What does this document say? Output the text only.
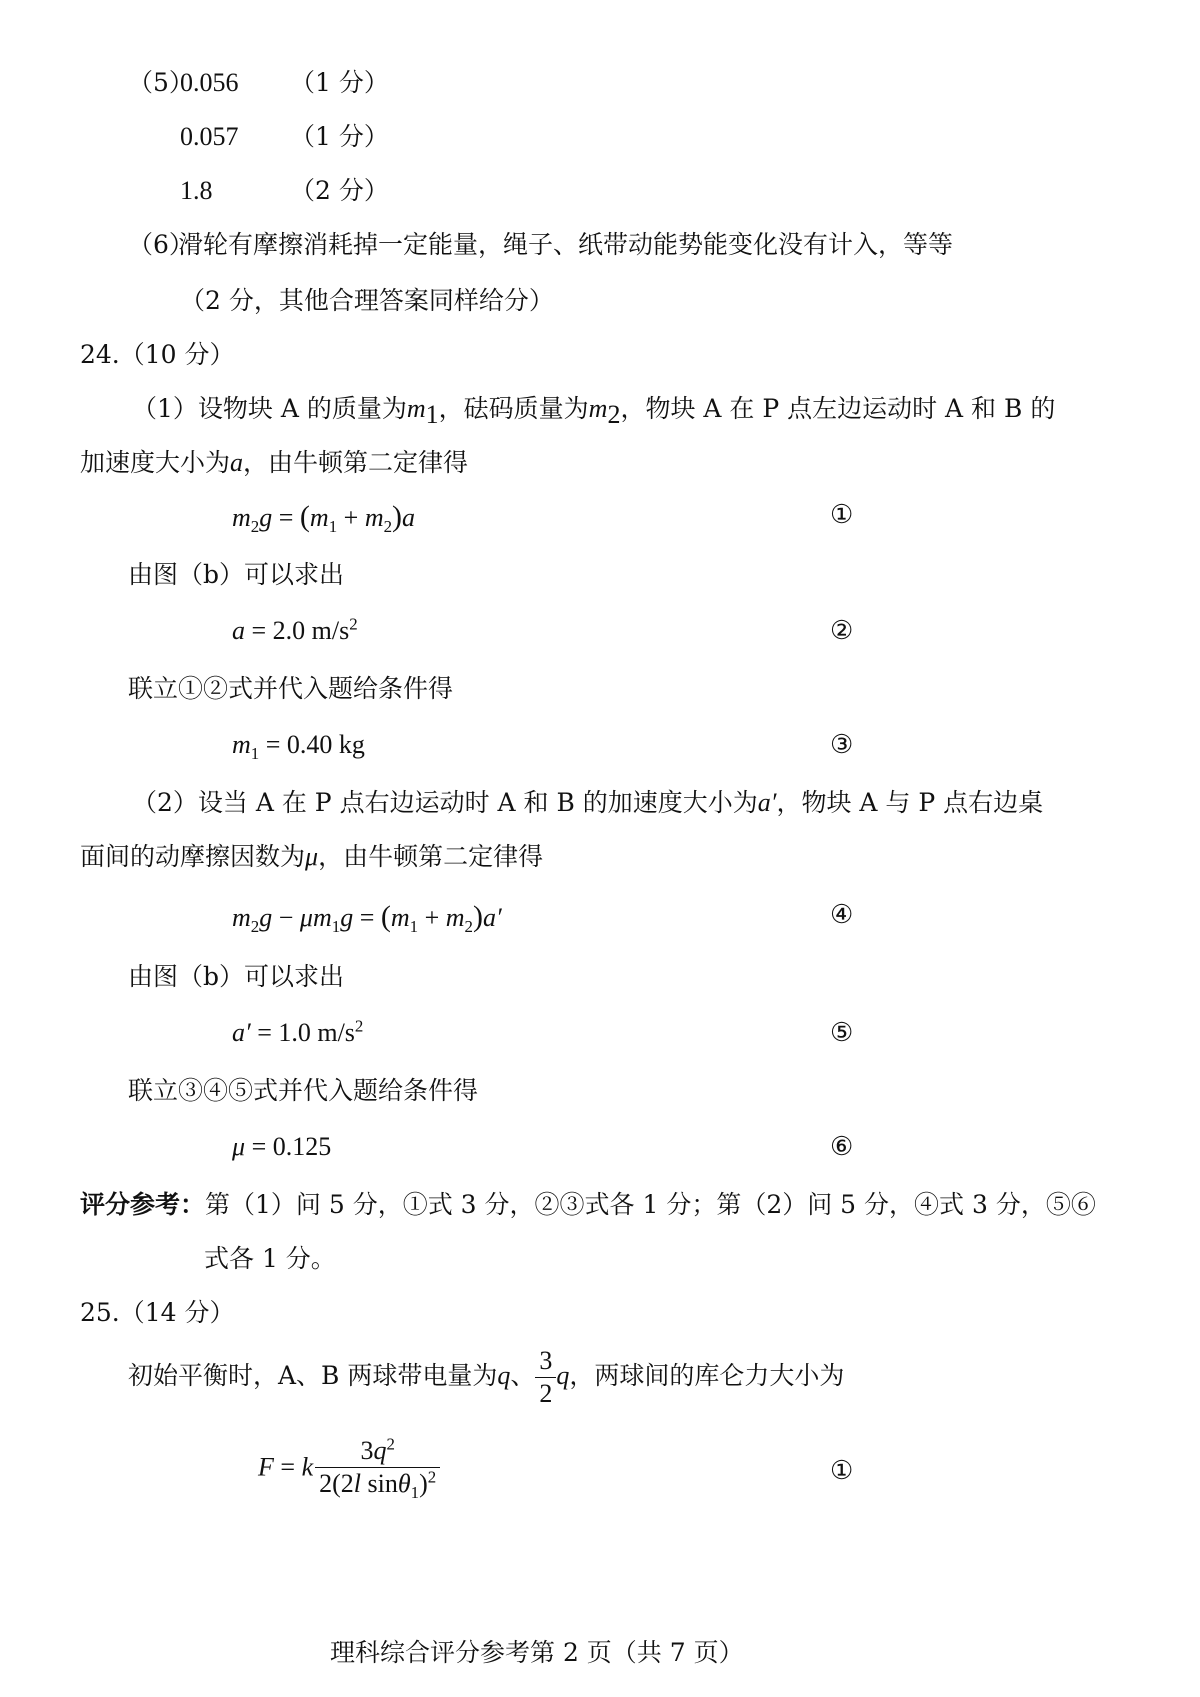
（5）
0.056 （1 分）
0.057 （1 分）
1.8	（2 分）
（6）
滑轮有摩擦消耗掉一定能量，绳子、纸带动能势能变化没有计入，等等
（2 分，其他合理答案同样给分）
24.（10 分）
（1）设物块 A 的质量为$m_1$，砝码质量为$m_2$，物块 A 在 P 点左边运动时 A 和 B 的
加速度大小为a，由牛顿第二定律得
$m_2g = (m_1 + m_2)a$	①
由图（b）可以求出
a = 2.0 $m/s^2$	②
联立①②式并代入题给条件得
$m_1 = 0.40$ kg	③
（2）设当 A 在 P 点右边运动时 A 和 B 的加速度大小为a′，物块 A 与 P 点右边桌
面间的动摩擦因数为μ，由牛顿第二定律得
$m_2g - \mu m_1g = (m_1 + m_2)a'$	④
由图（b）可以求出
a′ = 1.0 $m/s^2$	⑤
联立③④⑤式并代入题给条件得
μ = 0.125	⑥
评分参考：第（1）问 5 分，①式 3 分，②③式各 1 分；第（2）问 5 分，④式 3 分，⑤⑥
式各 1 分。
25.（14 分）
初始平衡时，A、B 两球带电量为q、 $\frac{3}{2}$ q，两球间的库仑力大小为
F = k $\frac{3q^2}{2(2l \sin\theta_1)^2}$	①
理科综合评分参考第 2 页（共 7 页）
